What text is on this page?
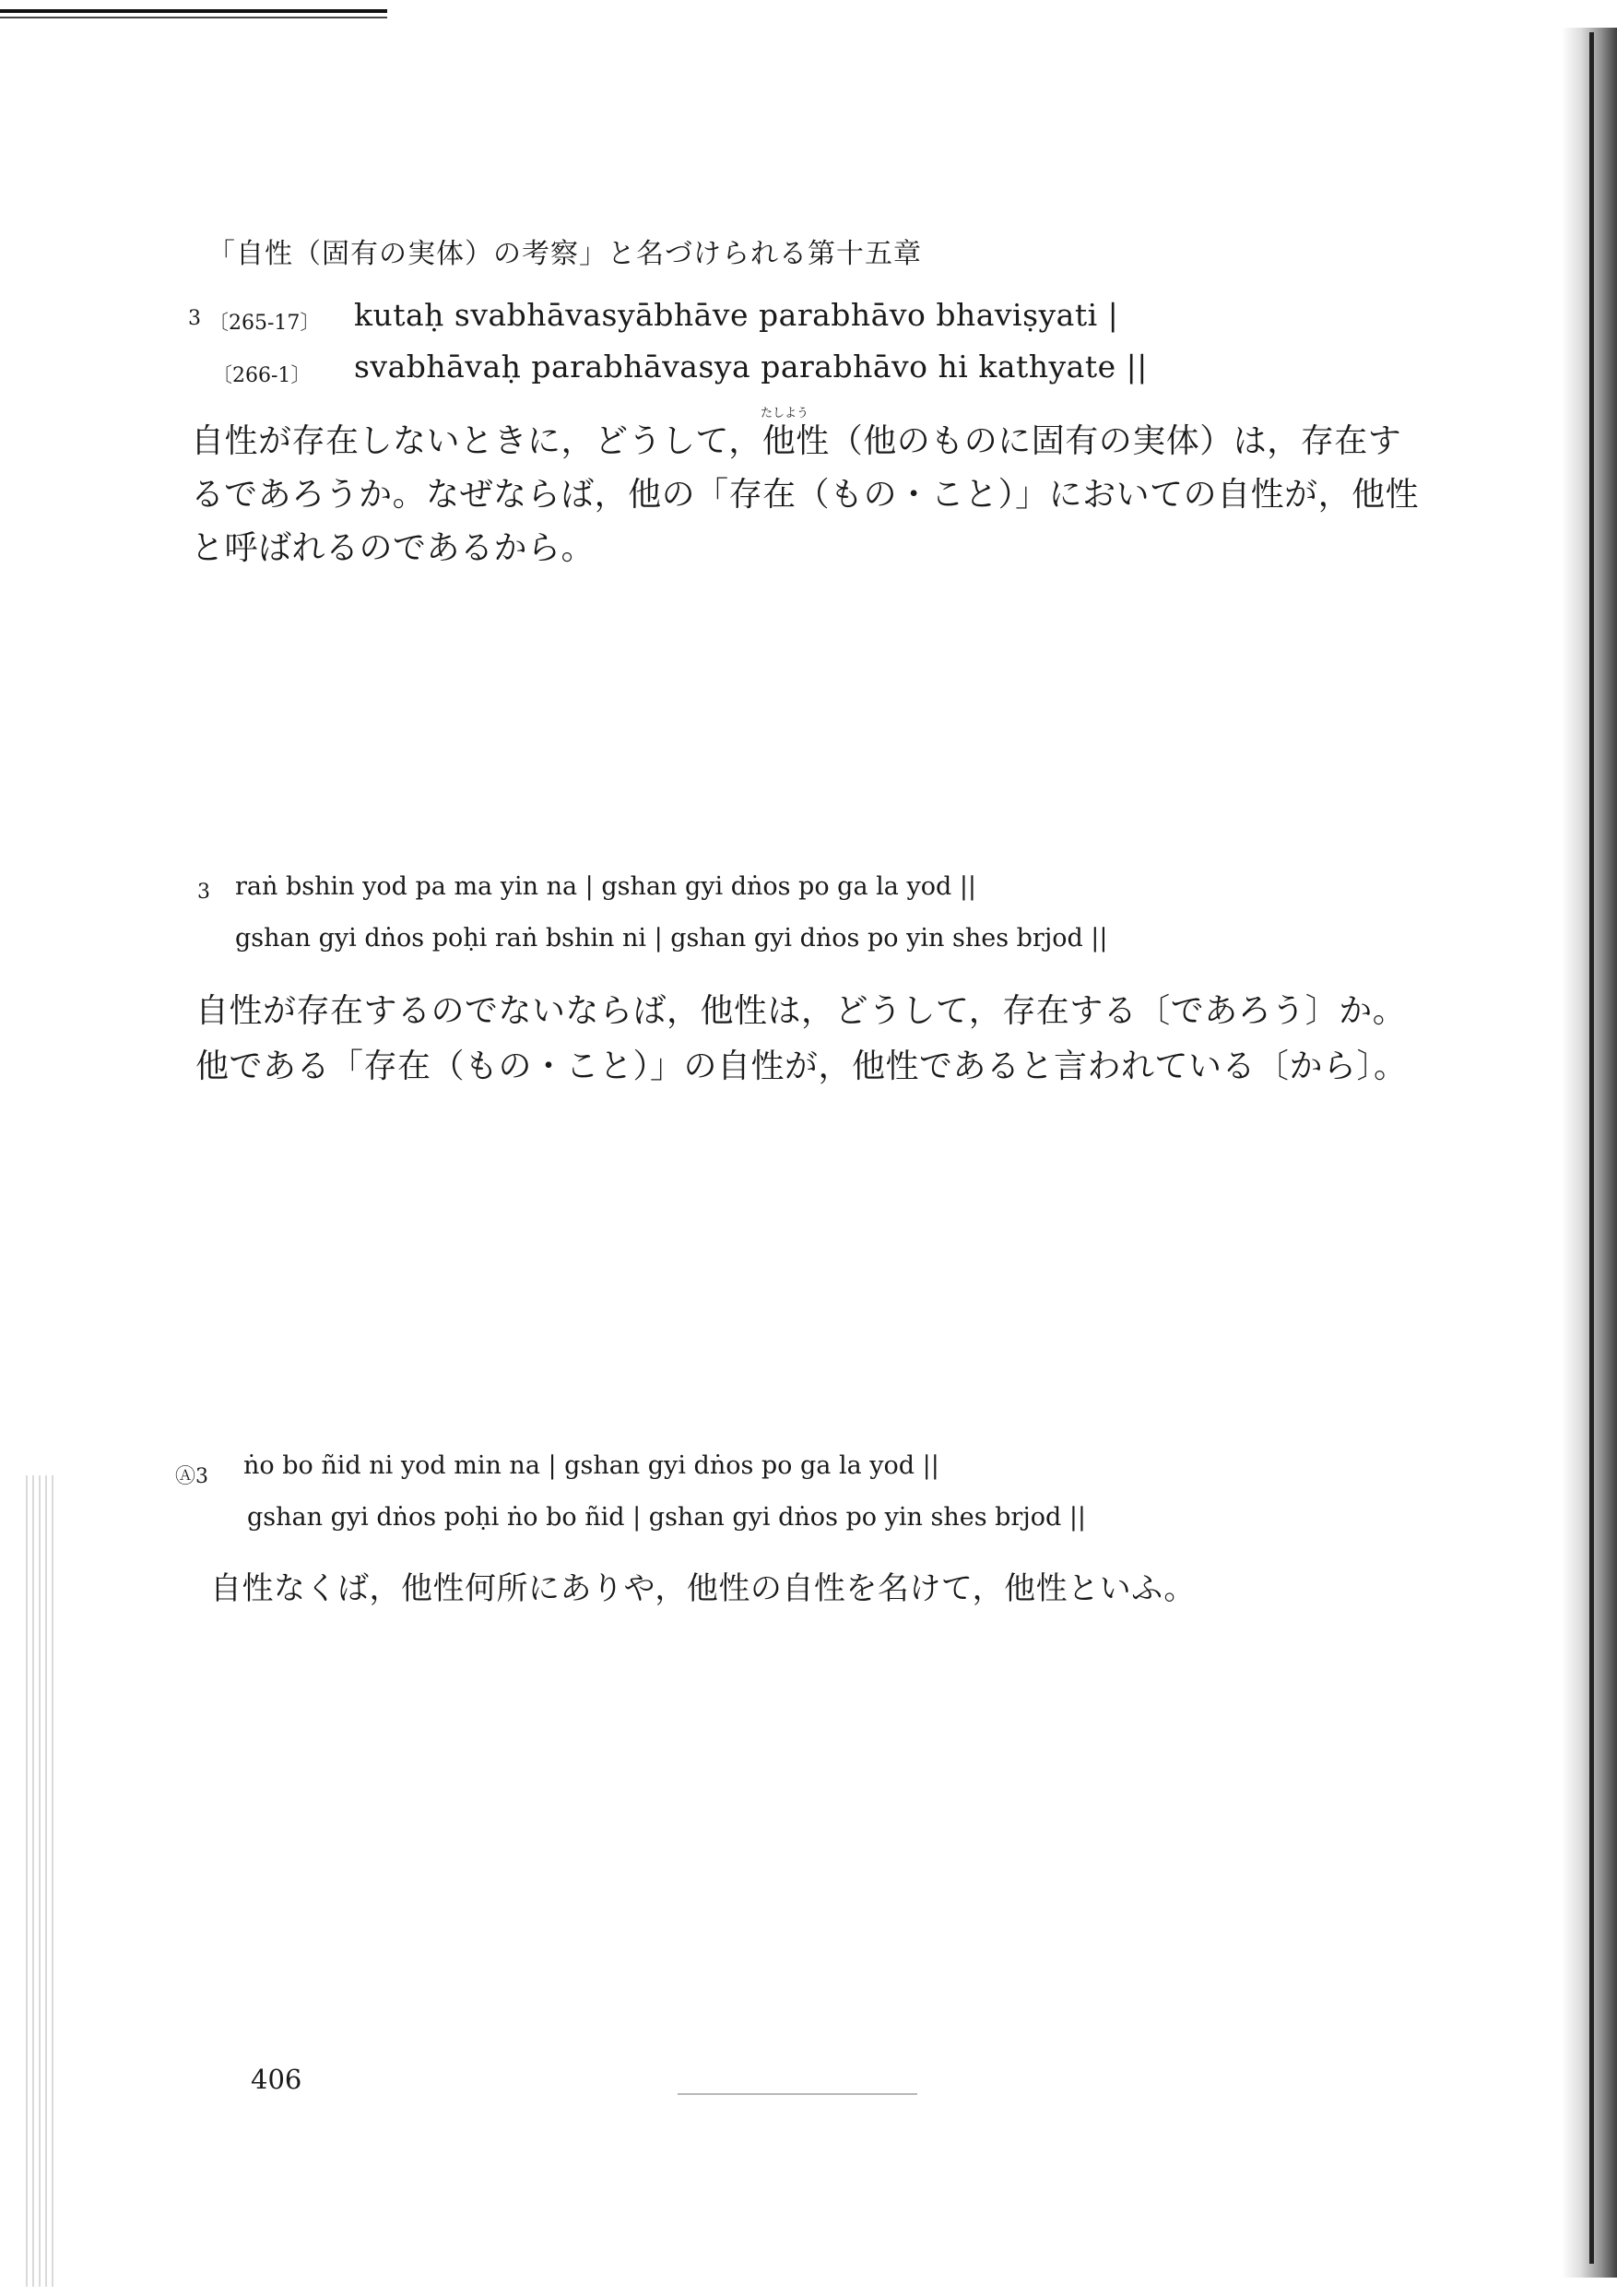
「自性（固有の実体）の考察」と名づけられる第十五章
3 〔265-17〕 kutaḥ svabhāvasyābhāve parabhāvo bhaviṣyati |
〔266-1〕 svabhāvaḥ parabhāvasya parabhāvo hi kathyate ||
たしよう
自性が存在しないときに，どうして，他性（他のものに固有の実体）は，存在す
るであろうか。なぜならば，他の「存在（もの・こと）」においての自性が，他性
と呼ばれるのであるから。
3 raṅ bshin yod pa ma yin na | gshan gyi dṅos po ga la yod ||
gshan gyi dṅos poḥi raṅ bshin ni | gshan gyi dṅos po yin shes brjod ||
自性が存在するのでないならば，他性は，どうして，存在する〔であろう〕か。
他である「存在（もの・こと）」の自性が，他性であると言われている〔から〕。
Ⓐ3 ṅo bo ñid ni yod min na | gshan gyi dṅos po ga la yod ||
gshan gyi dṅos poḥi ṅo bo ñid | gshan gyi dṅos po yin shes brjod ||
自性なくば，他性何所にありや，他性の自性を名けて，他性といふ。
406
